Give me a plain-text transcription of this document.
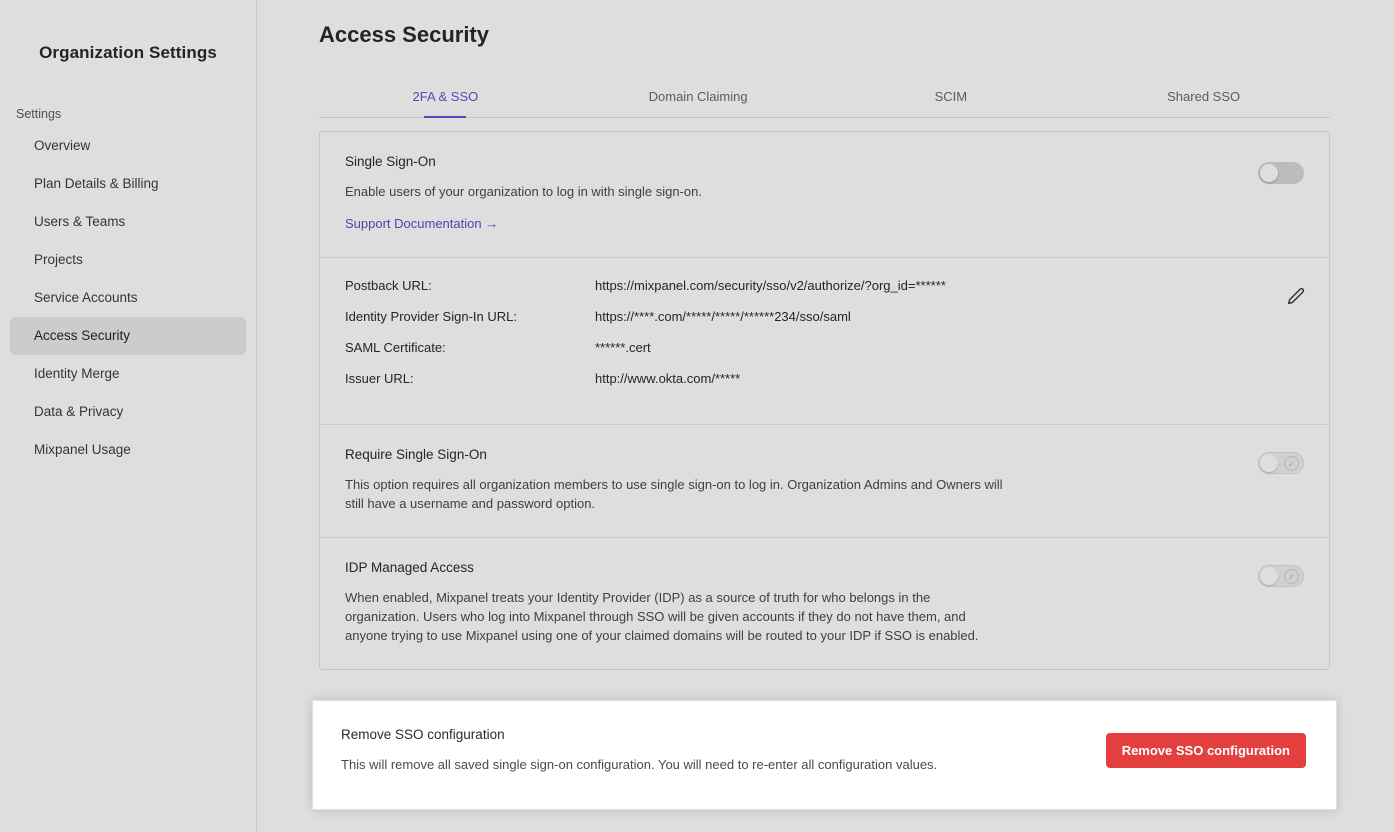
Organization Settings
Settings
Overview
Plan Details & Billing
Users & Teams
Projects
Service Accounts
Access Security
Identity Merge
Data & Privacy
Mixpanel Usage
Access Security
2FA & SSO	Domain Claiming	SCIM	Shared SSO
Single Sign-On
Enable users of your organization to log in with single sign-on.
Support Documentation →
Postback URL:	https://mixpanel.com/security/sso/v2/authorize/?org_id=******
Identity Provider Sign-In URL:	https://****.com/*****/*****/******234/sso/saml
SAML Certificate:	******.cert
Issuer URL:	http://www.okta.com/*****
Require Single Sign-On
This option requires all organization members to use single sign-on to log in. Organization Admins and Owners will still have a username and password option.
✓
IDP Managed Access
When enabled, Mixpanel treats your Identity Provider (IDP) as a source of truth for who belongs in the organization. Users who log into Mixpanel through SSO will be given accounts if they do not have them, and anyone trying to use Mixpanel using one of your claimed domains will be routed to your IDP if SSO is enabled.
✓
Remove SSO configuration
This will remove all saved single sign-on configuration. You will need to re-enter all configuration values.
Remove SSO configuration
